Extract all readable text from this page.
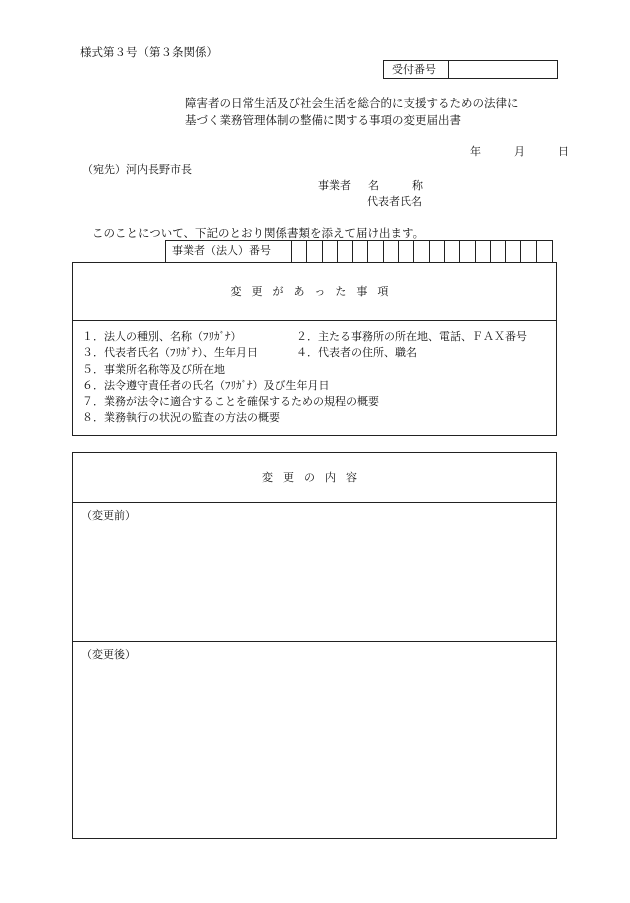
様式第３号（第３条関係）
受付番号
障害者の日常生活及び社会生活を総合的に支援するための法律に
基づく業務管理体制の整備に関する事項の変更届出書
年	月	日
（宛先）河内長野市長
事業者 名　　　称
代表者氏名
このことについて、下記のとおり関係書類を添えて届け出ます。
事業者（法人）番号
変更があった事項
１．法人の種別、名称（ﾌﾘｶﾞﾅ）	２．主たる事務所の所在地、電話、ＦＡＸ番号
３．代表者氏名（ﾌﾘｶﾞﾅ）、生年月日	４．代表者の住所、職名
５．事業所名称等及び所在地
６．法令遵守責任者の氏名（ﾌﾘｶﾞﾅ）及び生年月日
７．業務が法令に適合することを確保するための規程の概要
８．業務執行の状況の監査の方法の概要
変更の内容
（変更前）
（変更後）
